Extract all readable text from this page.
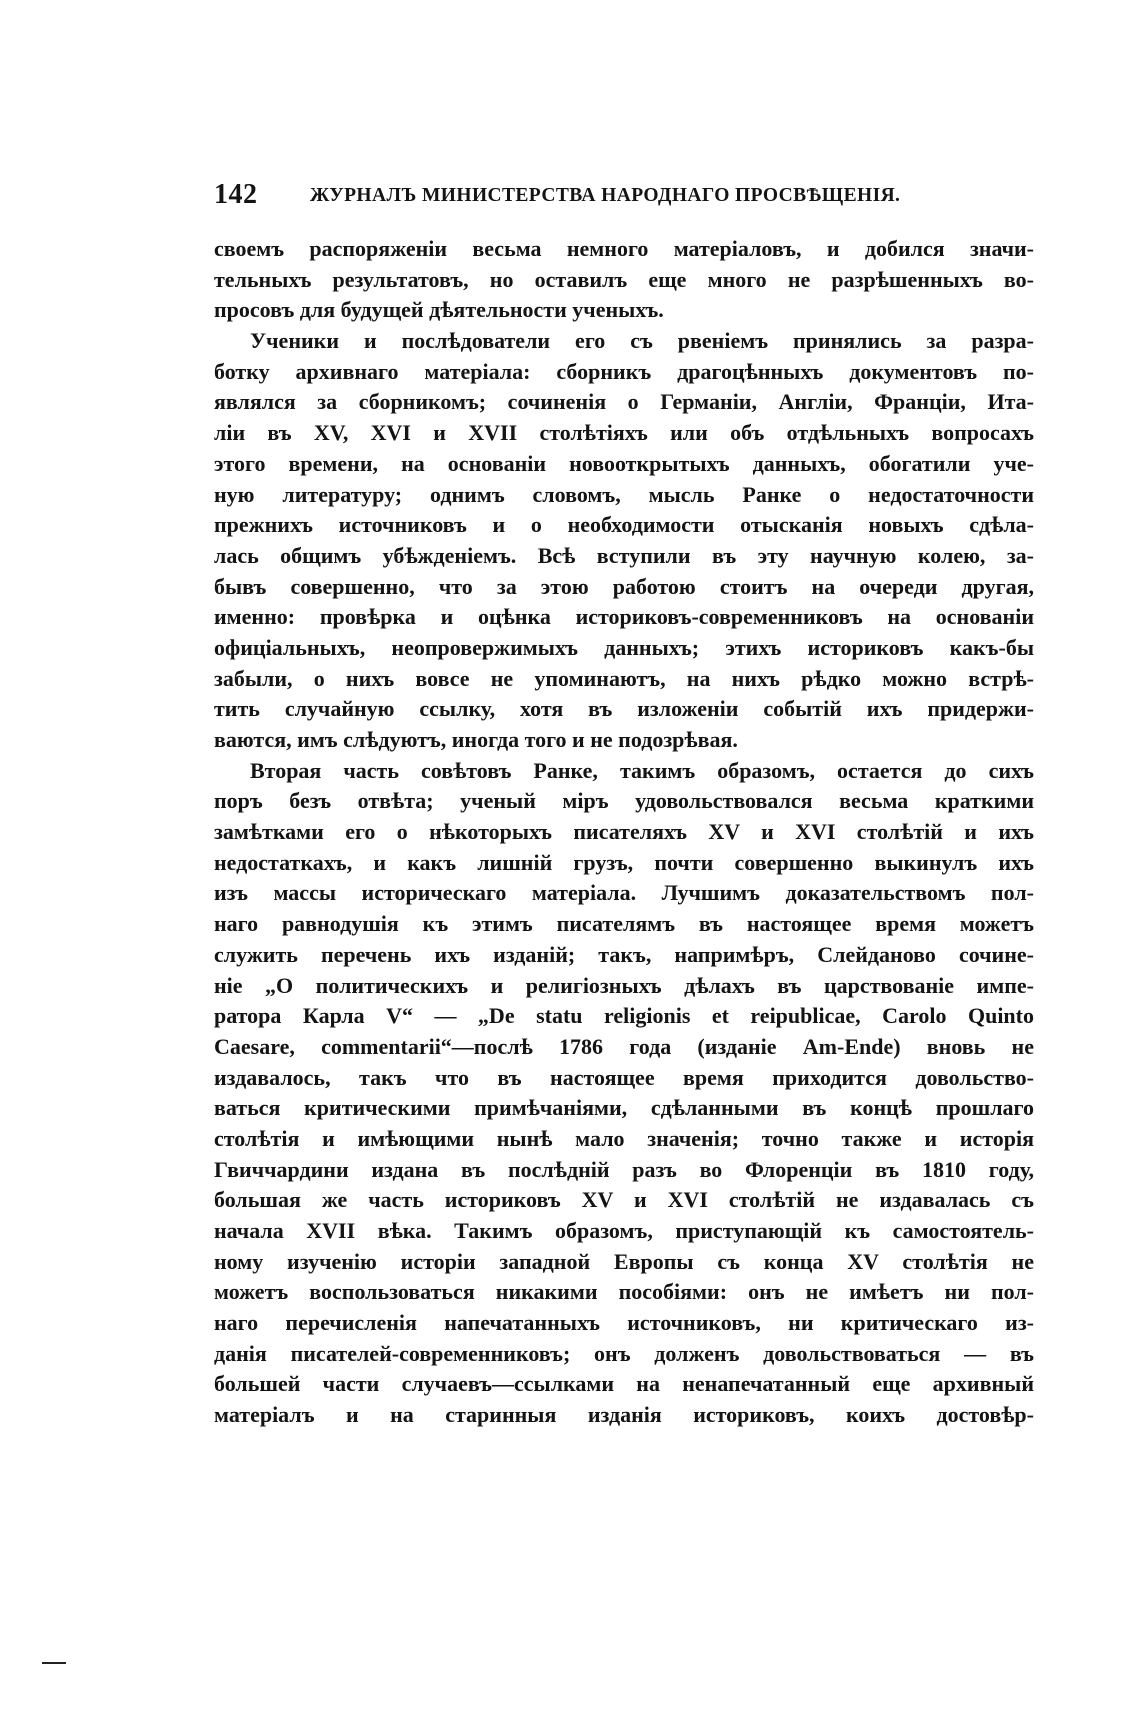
142	ЖУРНАЛЪ МИНИСТЕРСТВА НАРОДНАГО ПРОСВѢЩЕНІЯ.
своемъ распоряженіи весьма немного матеріаловъ, и добился значи-
тельныхъ результатовъ, но оставилъ еще много не разрѣшенныхъ во-
просовъ для будущей дѣятельности ученыхъ.
Ученики и послѣдователи его съ рвеніемъ принялись за разра-
ботку архивнаго матеріала: сборникъ драгоцѣнныхъ документовъ по-
являлся за сборникомъ; сочиненія о Германіи, Англіи, Франціи, Ита-
ліи въ XV, XVI и XVII столѣтіяхъ или объ отдѣльныхъ вопросахъ
этого времени, на основаніи новооткрытыхъ данныхъ, обогатили уче-
ную литературу; однимъ словомъ, мысль Ранке о недостаточности
прежнихъ источниковъ и о необходимости отысканія новыхъ сдѣла-
лась общимъ убѣжденіемъ. Всѣ вступили въ эту научную колею, за-
бывъ совершенно, что за этою работою стоитъ на очереди другая,
именно: провѣрка и оцѣнка историковъ-современниковъ на основаніи
офиціальныхъ, неопровержимыхъ данныхъ; этихъ историковъ какъ-бы
забыли, о нихъ вовсе не упоминаютъ, на нихъ рѣдко можно встрѣ-
тить случайную ссылку, хотя въ изложеніи событій ихъ придержи-
ваются, имъ слѣдуютъ, иногда того и не подозрѣвая.
Вторая часть совѣтовъ Ранке, такимъ образомъ, остается до сихъ
поръ безъ отвѣта; ученый міръ удовольствовался весьма краткими
замѣтками его о нѣкоторыхъ писателяхъ XV и XVI столѣтій и ихъ
недостаткахъ, и какъ лишній грузъ, почти совершенно выкинулъ ихъ
изъ массы историческаго матеріала. Лучшимъ доказательствомъ пол-
наго равнодушія къ этимъ писателямъ въ настоящее время можетъ
служить перечень ихъ изданій; такъ, напримѣръ, Слейданово сочине-
ніе „О политическихъ и религіозныхъ дѣлахъ въ царствованіе импе-
ратора Карла V“ — „De statu religionis et reipublicae, Carolo Quinto
Caesare, commentarii“—послѣ 1786 года (изданіе Am-Ende) вновь не
издавалось, такъ что въ настоящее время приходится довольство-
ваться критическими примѣчаніями, сдѣланными въ концѣ прошлаго
столѣтія и имѣющими нынѣ мало значенія; точно также и исторія
Гвиччардини издана въ послѣдній разъ во Флоренціи въ 1810 году,
большая же часть историковъ XV и XVI столѣтій не издавалась съ
начала XVII вѣка. Такимъ образомъ, приступающій къ самостоятель-
ному изученію исторіи западной Европы съ конца XV столѣтія не
можетъ воспользоваться никакими пособіями: онъ не имѣетъ ни пол-
наго перечисленія напечатанныхъ источниковъ, ни критическаго из-
данія писателей-современниковъ; онъ долженъ довольствоваться — въ
большей части случаевъ—ссылками на ненапечатанный еще архивный
матеріалъ и на старинныя изданія историковъ, коихъ достовѣр-
